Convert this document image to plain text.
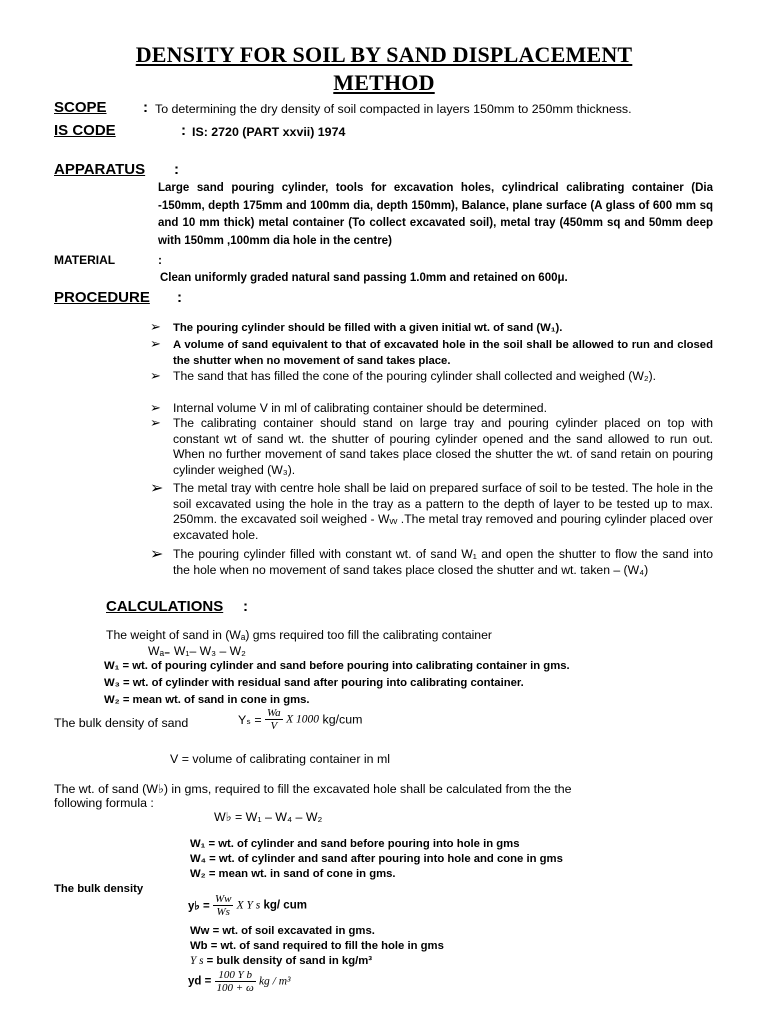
DENSITY FOR SOIL BY SAND DISPLACEMENT
METHOD
SCOPE : To determining the dry density of soil compacted in layers 150mm to 250mm thickness.
IS CODE	: IS: 2720 (PART xxvii) 1974
APPARATUS :
Large sand pouring cylinder, tools for excavation holes, cylindrical calibrating container (Dia -150mm, depth 175mm and 100mm dia, depth 150mm), Balance, plane surface (A glass of 600 mm sq and 10 mm thick) metal container (To collect excavated soil), metal tray (450mm sq and 50mm deep with 150mm ,100mm dia hole in the centre)
MATERIAL	:
Clean uniformly graded natural sand passing 1.0mm and retained on 600μ.
PROCEDURE :
➢ The pouring cylinder should be filled with a given initial wt. of sand (W₁).
➢ A volume of sand equivalent to that of excavated hole in the soil shall be allowed to run and closed the shutter when no movement of sand takes place.
➢ The sand that has filled the cone of the pouring cylinder shall collected and weighed (W₂).
➢ Internal volume V in ml of calibrating container should be determined.
➢ The calibrating container should stand on large tray and pouring cylinder placed on top with constant wt of sand wt. the shutter of pouring cylinder opened and the sand allowed to run out. When no further movement of sand takes place closed the shutter the wt. of sand retain on pouring cylinder weighed (W₃).
➢ The metal tray with centre hole shall be laid on prepared surface of soil to be tested. The hole in the soil excavated using the hole in the tray as a pattern to the depth of layer to be tested up to max. 250mm. the excavated soil weighed - Wᵥᵥ .The metal tray removed and pouring cylinder placed over excavated hole.
➢ The pouring cylinder filled with constant wt. of sand W₁ and open the shutter to flow the sand into the hole when no movement of sand takes place closed the shutter and wt. taken – (W₄)
CALCULATIONS :
The weight of sand in (Wₐ) gms required too fill the calibrating container
Wₐ₌ W₁– W₃ – W₂
W₁ = wt. of pouring cylinder and sand before pouring into calibrating container in gms.
W₃ = wt. of cylinder with residual sand after pouring into calibrating container.
W₂ = mean wt. of sand in cone in gms.
The bulk density of sand	$Y_s = \frac{Wa}{V}$ X 1000 kg/cum
V = volume of calibrating container in ml
The wt. of sand (W♭) in gms, required to fill the excavated hole shall be calculated from the the
following formula :
W♭ = W₁ – W₄ – W₂
W₁ = wt. of cylinder and sand before pouring into hole in gms
W₄ = wt. of cylinder and sand after pouring into hole and cone in gms
W₂ = mean wt. in sand of cone in gms.
The bulk density
y♭ = $\frac{Ww}{Ws}$ X Y s kg/ cum
Ww = wt. of soil excavated in gms.
Wb = wt. of sand required to fill the hole in gms
Y s = bulk density of sand in kg/m³
yd = $\frac{\text{100 Y b}}{100 + \omega}$ kg / m³
